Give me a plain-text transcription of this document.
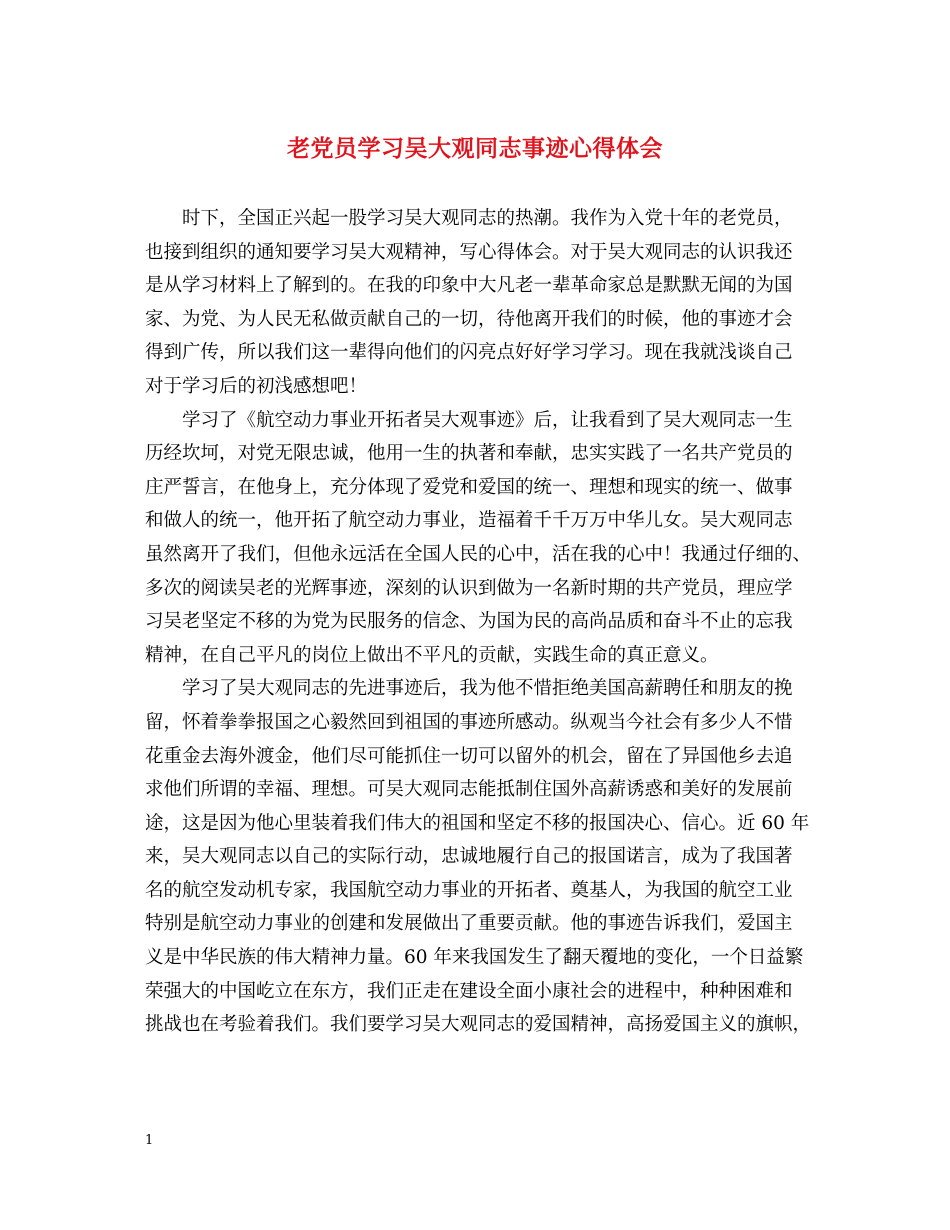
老党员学习吴大观同志事迹心得体会
时下，全国正兴起一股学习吴大观同志的热潮。我作为入党十年的老党员，
也接到组织的通知要学习吴大观精神，写心得体会。对于吴大观同志的认识我还
是从学习材料上了解到的。在我的印象中大凡老一辈革命家总是默默无闻的为国
家、为党、为人民无私做贡献自己的一切，待他离开我们的时候，他的事迹才会
得到广传，所以我们这一辈得向他们的闪亮点好好学习学习。现在我就浅谈自己
对于学习后的初浅感想吧！
学习了《航空动力事业开拓者吴大观事迹》后，让我看到了吴大观同志一生
历经坎坷，对党无限忠诚，他用一生的执著和奉献，忠实实践了一名共产党员的
庄严誓言，在他身上，充分体现了爱党和爱国的统一、理想和现实的统一、做事
和做人的统一，他开拓了航空动力事业，造福着千千万万中华儿女。吴大观同志
虽然离开了我们，但他永远活在全国人民的心中，活在我的心中！我通过仔细的、
多次的阅读吴老的光辉事迹，深刻的认识到做为一名新时期的共产党员，理应学
习吴老坚定不移的为党为民服务的信念、为国为民的高尚品质和奋斗不止的忘我
精神，在自己平凡的岗位上做出不平凡的贡献，实践生命的真正意义。
学习了吴大观同志的先进事迹后，我为他不惜拒绝美国高薪聘任和朋友的挽
留，怀着拳拳报国之心毅然回到祖国的事迹所感动。纵观当今社会有多少人不惜
花重金去海外渡金，他们尽可能抓住一切可以留外的机会，留在了异国他乡去追
求他们所谓的幸福、理想。可吴大观同志能抵制住国外高薪诱惑和美好的发展前
途，这是因为他心里装着我们伟大的祖国和坚定不移的报国决心、信心。近 60 年
来，吴大观同志以自己的实际行动，忠诚地履行自己的报国诺言，成为了我国著
名的航空发动机专家，我国航空动力事业的开拓者、奠基人，为我国的航空工业
特别是航空动力事业的创建和发展做出了重要贡献。他的事迹告诉我们，爱国主
义是中华民族的伟大精神力量。60 年来我国发生了翻天覆地的变化，一个日益繁
荣强大的中国屹立在东方，我们正走在建设全面小康社会的进程中，种种困难和
挑战也在考验着我们。我们要学习吴大观同志的爱国精神，高扬爱国主义的旗帜，
1
